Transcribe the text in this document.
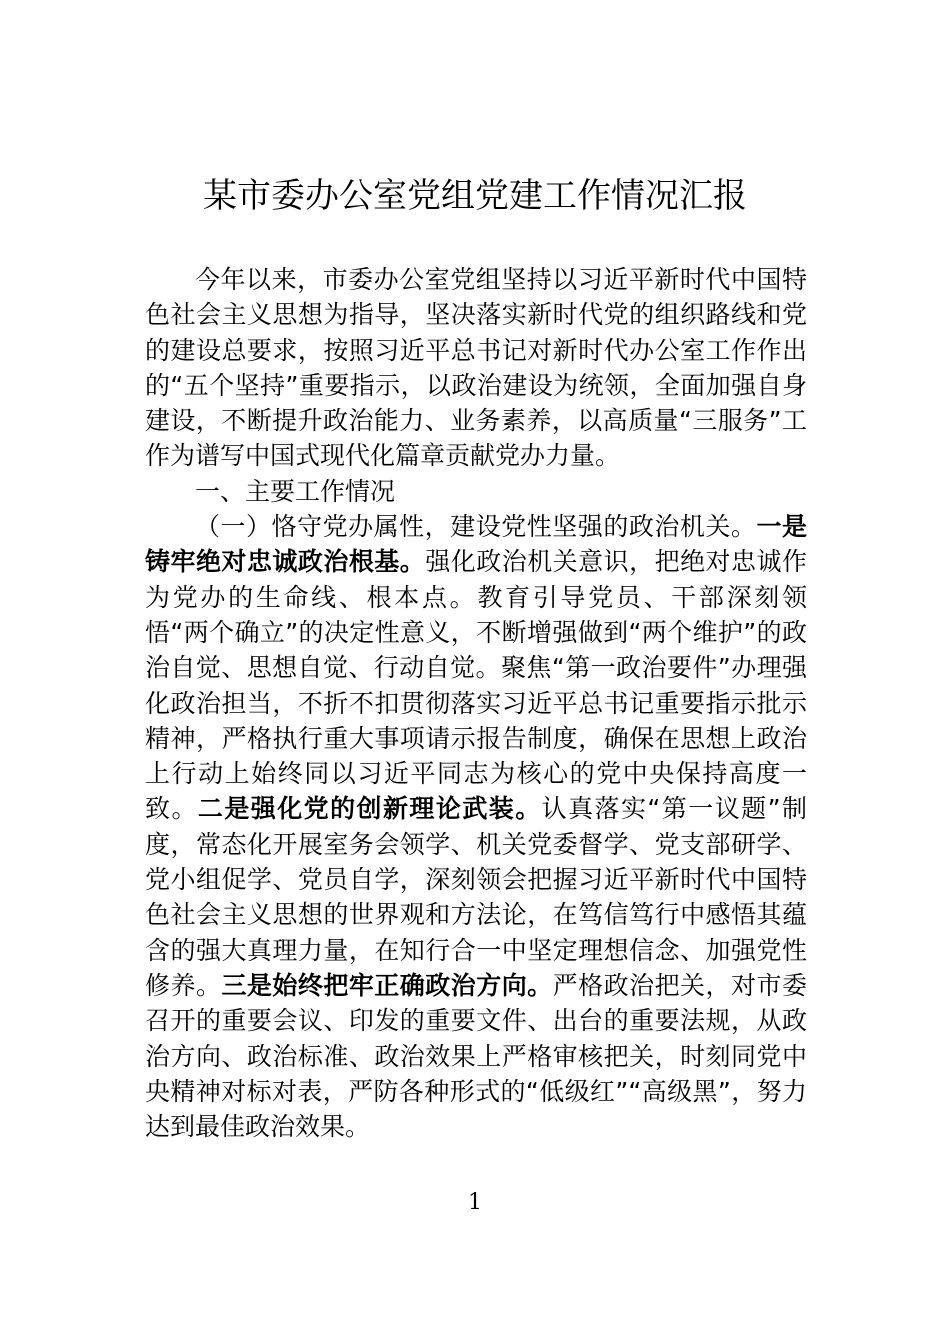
某市委办公室党组党建工作情况汇报

今年以来，市委办公室党组坚持以习近平新时代中国特色社会主义思想为指导，坚决落实新时代党的组织路线和党的建设总要求，按照习近平总书记对新时代办公室工作作出的“五个坚持”重要指示，以政治建设为统领，全面加强自身建设，不断提升政治能力、业务素养，以高质量“三服务”工作为谱写中国式现代化篇章贡献党办力量。

一、主要工作情况

（一）恪守党办属性，建设党性坚强的政治机关。一是铸牢绝对忠诚政治根基。强化政治机关意识，把绝对忠诚作为党办的生命线、根本点。教育引导党员、干部深刻领悟“两个确立”的决定性意义，不断增强做到“两个维护”的政治自觉、思想自觉、行动自觉。聚焦“第一政治要件”办理强化政治担当，不折不扣贯彻落实习近平总书记重要指示批示精神，严格执行重大事项请示报告制度，确保在思想上政治上行动上始终同以习近平同志为核心的党中央保持高度一致。二是强化党的创新理论武装。认真落实“第一议题”制度，常态化开展室务会领学、机关党委督学、党支部研学、党小组促学、党员自学，深刻领会把握习近平新时代中国特色社会主义思想的世界观和方法论，在笃信笃行中感悟其蕴含的强大真理力量，在知行合一中坚定理想信念、加强党性修养。三是始终把牢正确政治方向。严格政治把关，对市委召开的重要会议、印发的重要文件、出台的重要法规，从政治方向、政治标准、政治效果上严格审核把关，时刻同党中央精神对标对表，严防各种形式的“低级红”“高级黑”，努力达到最佳政治效果。

1
